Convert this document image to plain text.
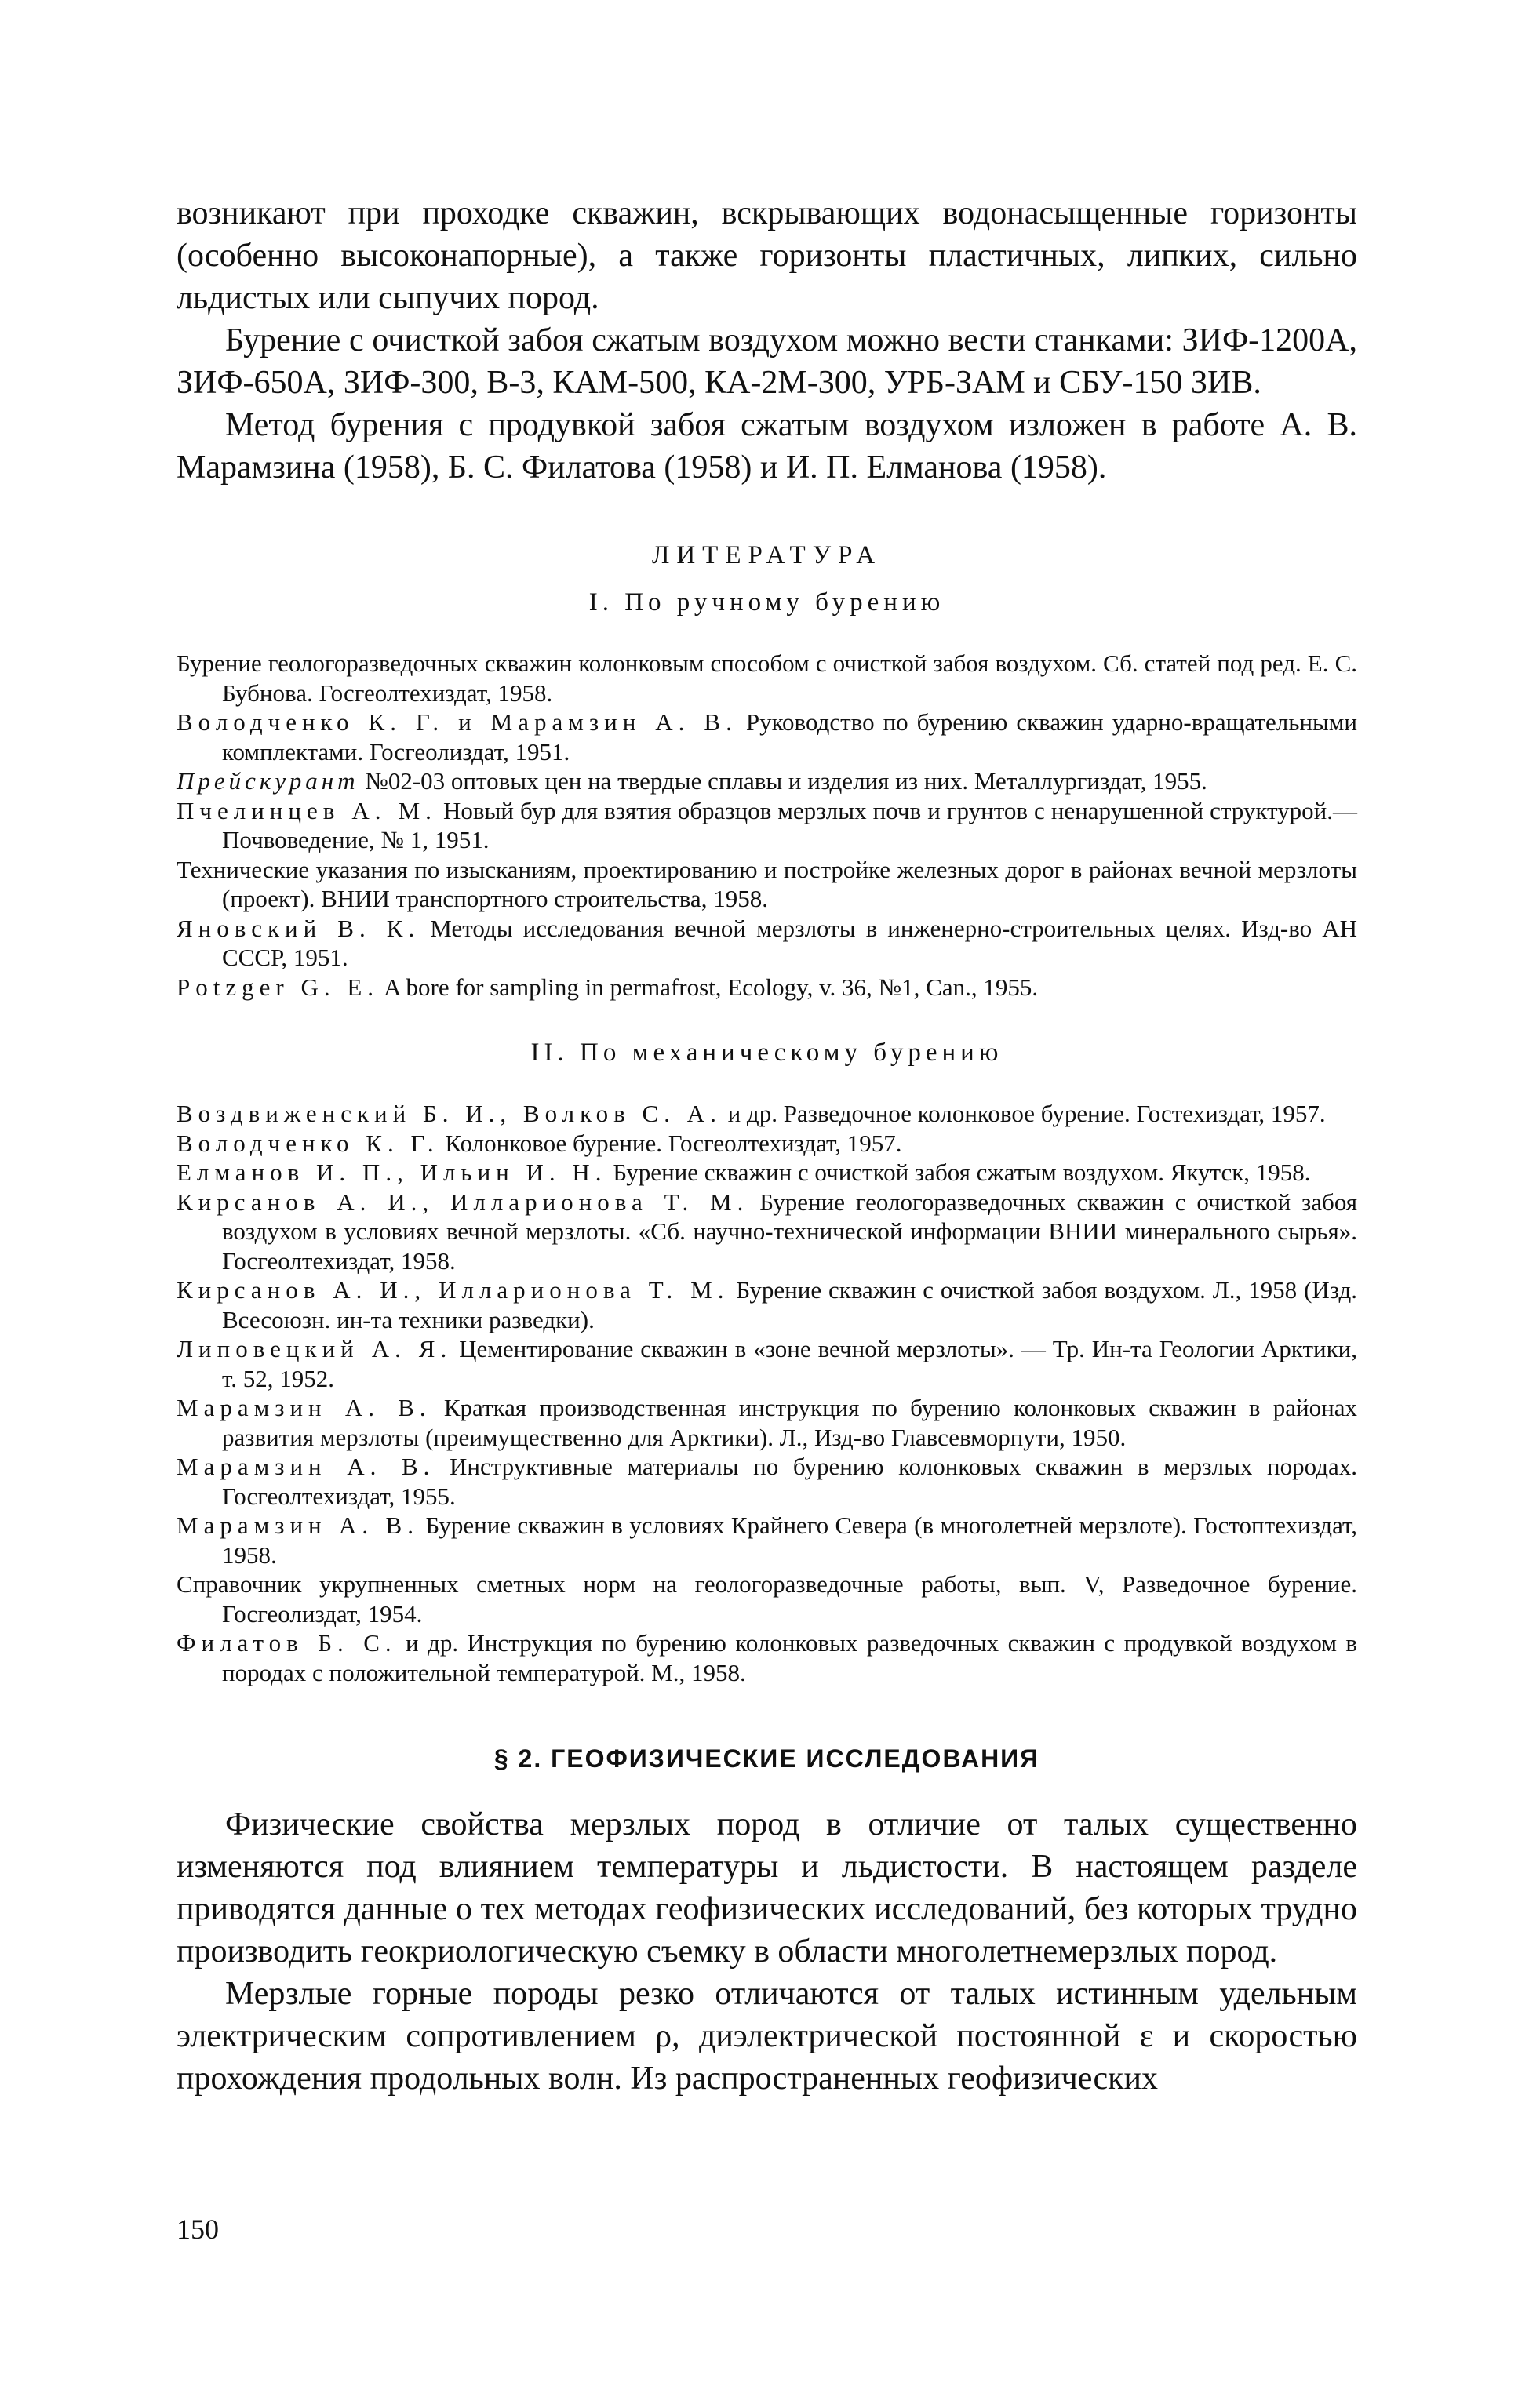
возникают при проходке скважин, вскрывающих водонасыщенные горизонты (особенно высоконапорные), а также горизонты пластичных, липких, сильно льдистых или сыпучих пород.

Бурение с очисткой забоя сжатым воздухом можно вести станками: ЗИФ-1200А, ЗИФ-650А, ЗИФ-300, В-3, КАМ-500, КА-2М-300, УРБ-ЗАМ и СБУ-150 ЗИВ.

Метод бурения с продувкой забоя сжатым воздухом изложен в работе А. В. Марамзина (1958), Б. С. Филатова (1958) и И. П. Елманова (1958).

ЛИТЕРАТУРА
I. По ручному бурению
Бурение геологоразведочных скважин колонковым способом с очисткой забоя воздухом. Сб. статей под ред. Е. С. Бубнова. Госгеолтехиздат, 1958.
Володченко К. Г. и Марамзин А. В. Руководство по бурению скважин ударно-вращательными комплектами. Госгеолиздат, 1951.
Прейскурант №02-03 оптовых цен на твердые сплавы и изделия из них. Металлургиздат, 1955.
Пчелинцев А. М. Новый бур для взятия образцов мерзлых почв и грунтов с ненарушенной структурой.— Почвоведение, № 1, 1951.
Технические указания по изысканиям, проектированию и постройке железных дорог в районах вечной мерзлоты (проект). ВНИИ транспортного строительства, 1958.
Яновский В. К. Методы исследования вечной мерзлоты в инженерно-строительных целях. Изд-во АН СССР, 1951.
Potzger G. E. A bore for sampling in permafrost, Ecology, v. 36, №1, Can., 1955.
II. По механическому бурению
Воздвиженский Б. И., Волков С. А. и др. Разведочное колонковое бурение. Гостехиздат, 1957.
Володченко К. Г. Колонковое бурение. Госгеолтехиздат, 1957.
Елманов И. П., Ильин И. Н. Бурение скважин с очисткой забоя сжатым воздухом. Якутск, 1958.
Кирсанов А. И., Илларионова Т. М. Бурение геологоразведочных скважин с очисткой забоя воздухом в условиях вечной мерзлоты. «Сб. научно-технической информации ВНИИ минерального сырья». Госгеолтехиздат, 1958.
Кирсанов А. И., Илларионова Т. М. Бурение скважин с очисткой забоя воздухом. Л., 1958 (Изд. Всесоюзн. ин-та техники разведки).
Липовецкий А. Я. Цементирование скважин в «зоне вечной мерзлоты». — Тр. Ин-та Геологии Арктики, т. 52, 1952.
Марамзин А. В. Краткая производственная инструкция по бурению колонковых скважин в районах развития мерзлоты (преимущественно для Арктики). Л., Изд-во Главсевморпути, 1950.
Марамзин А. В. Инструктивные материалы по бурению колонковых скважин в мерзлых породах. Госгеолтехиздат, 1955.
Марамзин А. В. Бурение скважин в условиях Крайнего Севера (в многолетней мерзлоте). Гостоптехиздат, 1958.
Справочник укрупненных сметных норм на геологоразведочные работы, вып. V, Разведочное бурение. Госгеолиздат, 1954.
Филатов Б. С. и др. Инструкция по бурению колонковых разведочных скважин с продувкой воздухом в породах с положительной температурой. М., 1958.
§ 2. ГЕОФИЗИЧЕСКИЕ ИССЛЕДОВАНИЯ

Физические свойства мерзлых пород в отличие от талых существенно изменяются под влиянием температуры и льдистости. В настоящем разделе приводятся данные о тех методах геофизических исследований, без которых трудно производить геокриологическую съемку в области многолетнемерзлых пород.

Мерзлые горные породы резко отличаются от талых истинным удельным электрическим сопротивлением ρ, диэлектрической постоянной ε и скоростью прохождения продольных волн. Из распространенных геофизических

150
